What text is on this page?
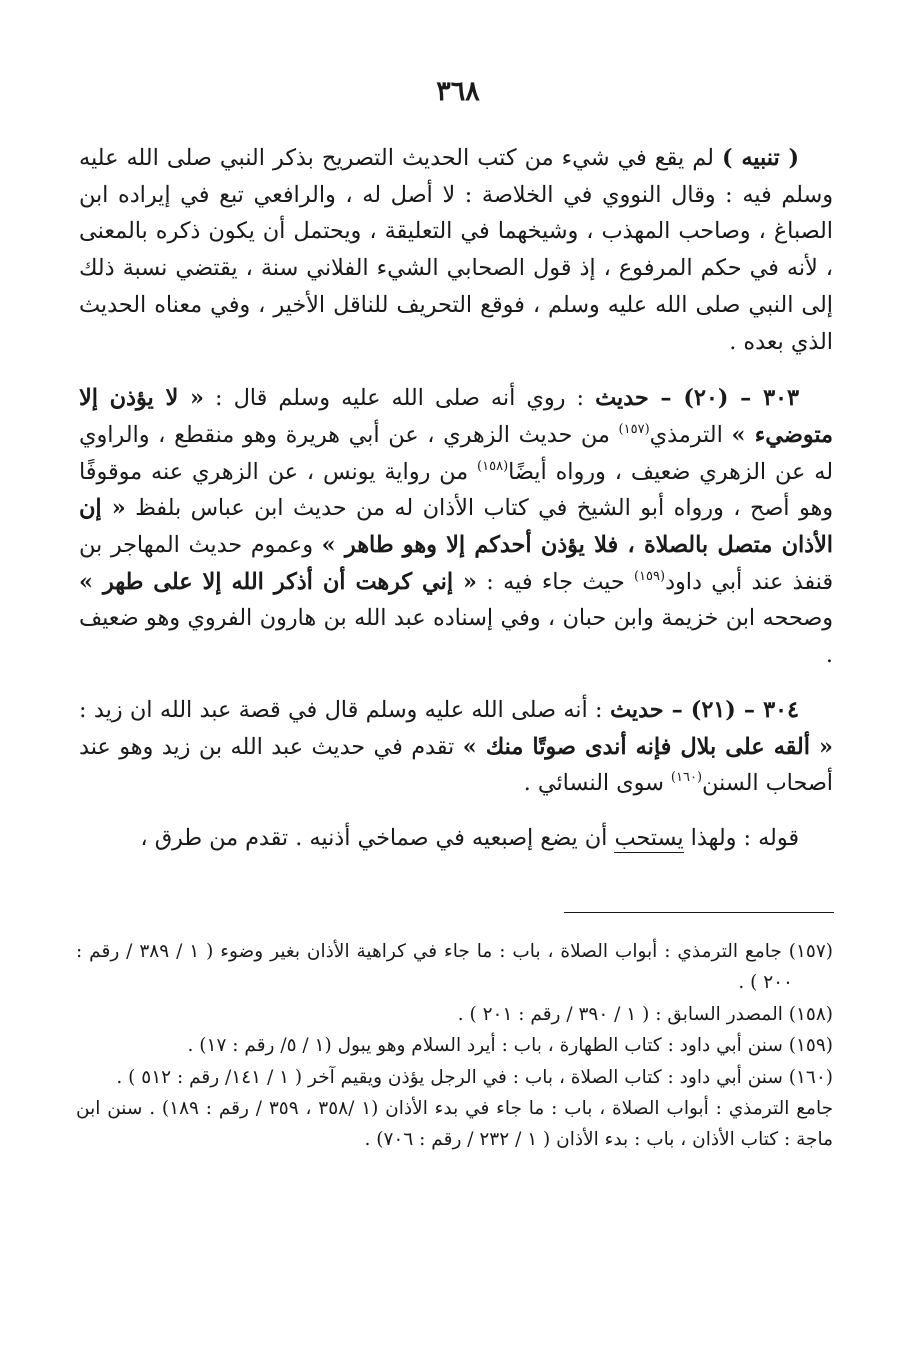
٣٦٨

( تنبيه ) لم يقع في شيء من كتب الحديث التصريح بذكر النبي صلى الله عليه وسلم فيه : وقال النووي في الخلاصة : لا أصل له ، والرافعي تبع في إيراده ابن الصباغ ، وصاحب المهذب ، وشيخهما في التعليقة ، ويحتمل أن يكون ذكره بالمعنى ، لأنه في حكم المرفوع ، إذ قول الصحابي الشيء الفلاني سنة ، يقتضي نسبة ذلك إلى النبي صلى الله عليه وسلم ، فوقع التحريف للناقل الأخير ، وفي معناه الحديث الذي بعده .

٣٠٣ – (٢٠) – حديث : روي أنه صلى الله عليه وسلم قال : « لا يؤذن إلا متوضيء » الترمذي$^{(١٥٧)}$ من حديث الزهري ، عن أبي هريرة وهو منقطع ، والراوي له عن الزهري ضعيف ، ورواه أيضًا$^{(١٥٨)}$ من رواية يونس ، عن الزهري عنه موقوفًا وهو أصح ، ورواه أبو الشيخ في كتاب الأذان له من حديث ابن عباس بلفظ « إن الأذان متصل بالصلاة ، فلا يؤذن أحدكم إلا وهو طاهر » وعموم حديث المهاجر بن قنفذ عند أبي داود$^{(١٥٩)}$ حيث جاء فيه : « إني كرهت أن أذكر الله إلا على طهر » وصححه ابن خزيمة وابن حبان ، وفي إسناده عبد الله بن هارون الفروي وهو ضعيف .

٣٠٤ – (٢١) – حديث : أنه صلى الله عليه وسلم قال في قصة عبد الله ان زيد : « ألقه على بلال فإنه أندى صوتًا منك » تقدم في حديث عبد الله بن زيد وهو عند أصحاب السنن$^{(١٦٠)}$ سوى النسائي .

قوله : ولهذا يستحب أن يضع إصبعيه في صماخي أذنيه . تقدم من طرق ،

(١٥٧) جامع الترمذي : أبواب الصلاة ، باب : ما جاء في كراهية الأذان بغير وضوء ( ١ / ٣٨٩ / رقم : ٢٠٠ ) .

(١٥٨) المصدر السابق : ( ١ / ٣٩٠ / رقم : ٢٠١ ) .

(١٥٩) سنن أبي داود : كتاب الطهارة ، باب : أيرد السلام وهو يبول (١ / ٥/ رقم : ١٧) .

(١٦٠) سنن أبي داود : كتاب الصلاة ، باب : في الرجل يؤذن ويقيم آخر ( ١ / ١٤١/ رقم : ٥١٢ ) .

جامع الترمذي : أبواب الصلاة ، باب : ما جاء في بدء الأذان (١ /٣٥٨ ، ٣٥٩ / رقم : ١٨٩) . سنن ابن ماجة : كتاب الأذان ، باب : بدء الأذان ( ١ / ٢٣٢ / رقم : ٧٠٦) .
